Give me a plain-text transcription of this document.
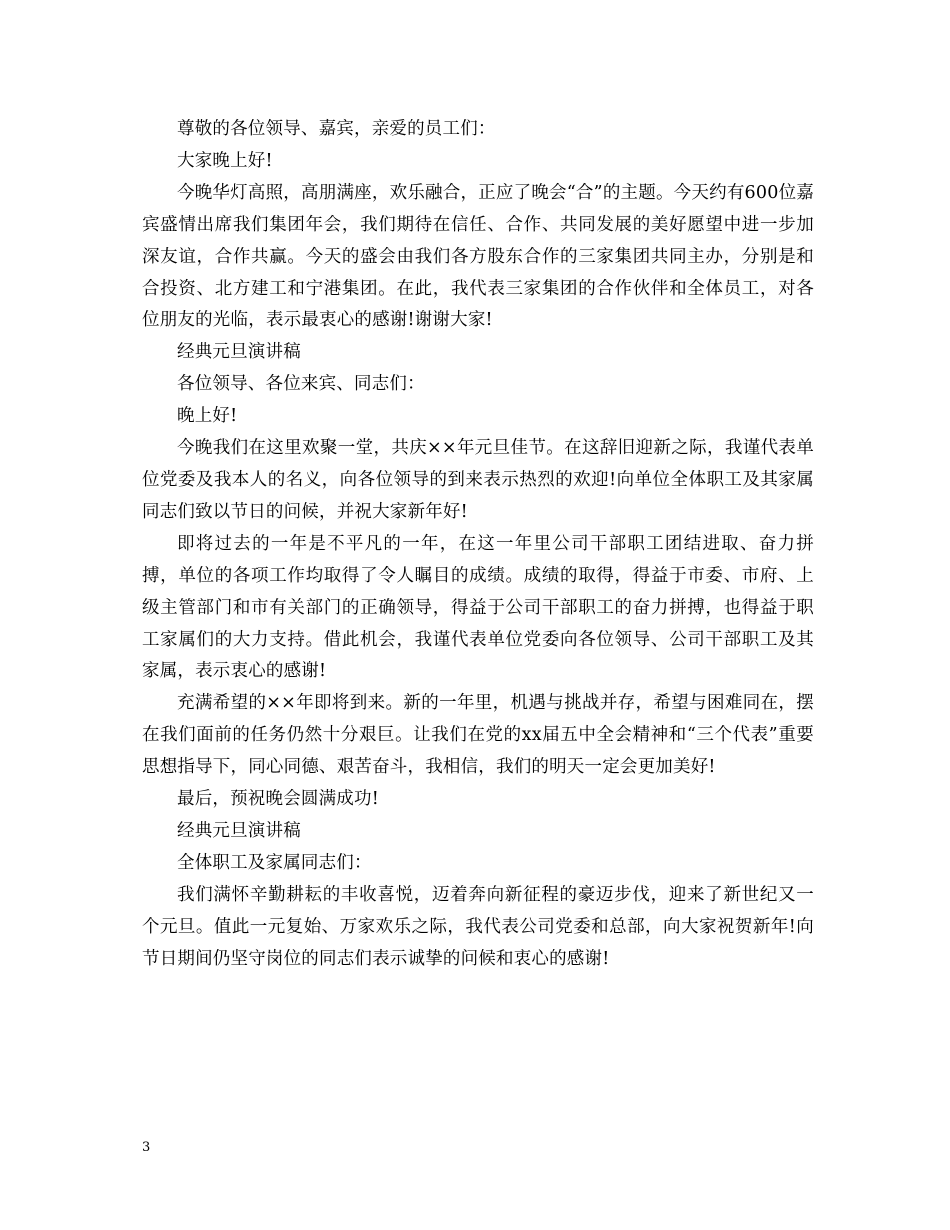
尊敬的各位领导、嘉宾，亲爱的员工们：

大家晚上好!

今晚华灯高照，高朋满座，欢乐融合，正应了晚会“合”的主题。今天约有600位嘉宾盛情出席我们集团年会，我们期待在信任、合作、共同发展的美好愿望中进一步加深友谊，合作共赢。今天的盛会由我们各方股东合作的三家集团共同主办，分别是和合投资、北方建工和宁港集团。在此，我代表三家集团的合作伙伴和全体员工，对各位朋友的光临，表示最衷心的感谢!谢谢大家!

经典元旦演讲稿

各位领导、各位来宾、同志们：

晚上好!

今晚我们在这里欢聚一堂，共庆××年元旦佳节。在这辞旧迎新之际，我谨代表单位党委及我本人的名义，向各位领导的到来表示热烈的欢迎!向单位全体职工及其家属同志们致以节日的问候，并祝大家新年好!

即将过去的一年是不平凡的一年，在这一年里公司干部职工团结进取、奋力拼搏，单位的各项工作均取得了令人瞩目的成绩。成绩的取得，得益于市委、市府、上级主管部门和市有关部门的正确领导，得益于公司干部职工的奋力拼搏，也得益于职工家属们的大力支持。借此机会，我谨代表单位党委向各位领导、公司干部职工及其家属，表示衷心的感谢!

充满希望的××年即将到来。新的一年里，机遇与挑战并存，希望与困难同在，摆在我们面前的任务仍然十分艰巨。让我们在党的xx届五中全会精神和“三个代表”重要思想指导下，同心同德、艰苦奋斗，我相信，我们的明天一定会更加美好!

最后，预祝晚会圆满成功!

经典元旦演讲稿

全体职工及家属同志们：

我们满怀辛勤耕耘的丰收喜悦，迈着奔向新征程的豪迈步伐，迎来了新世纪又一个元旦。值此一元复始、万家欢乐之际，我代表公司党委和总部，向大家祝贺新年!向节日期间仍坚守岗位的同志们表示诚挚的问候和衷心的感谢!

3
